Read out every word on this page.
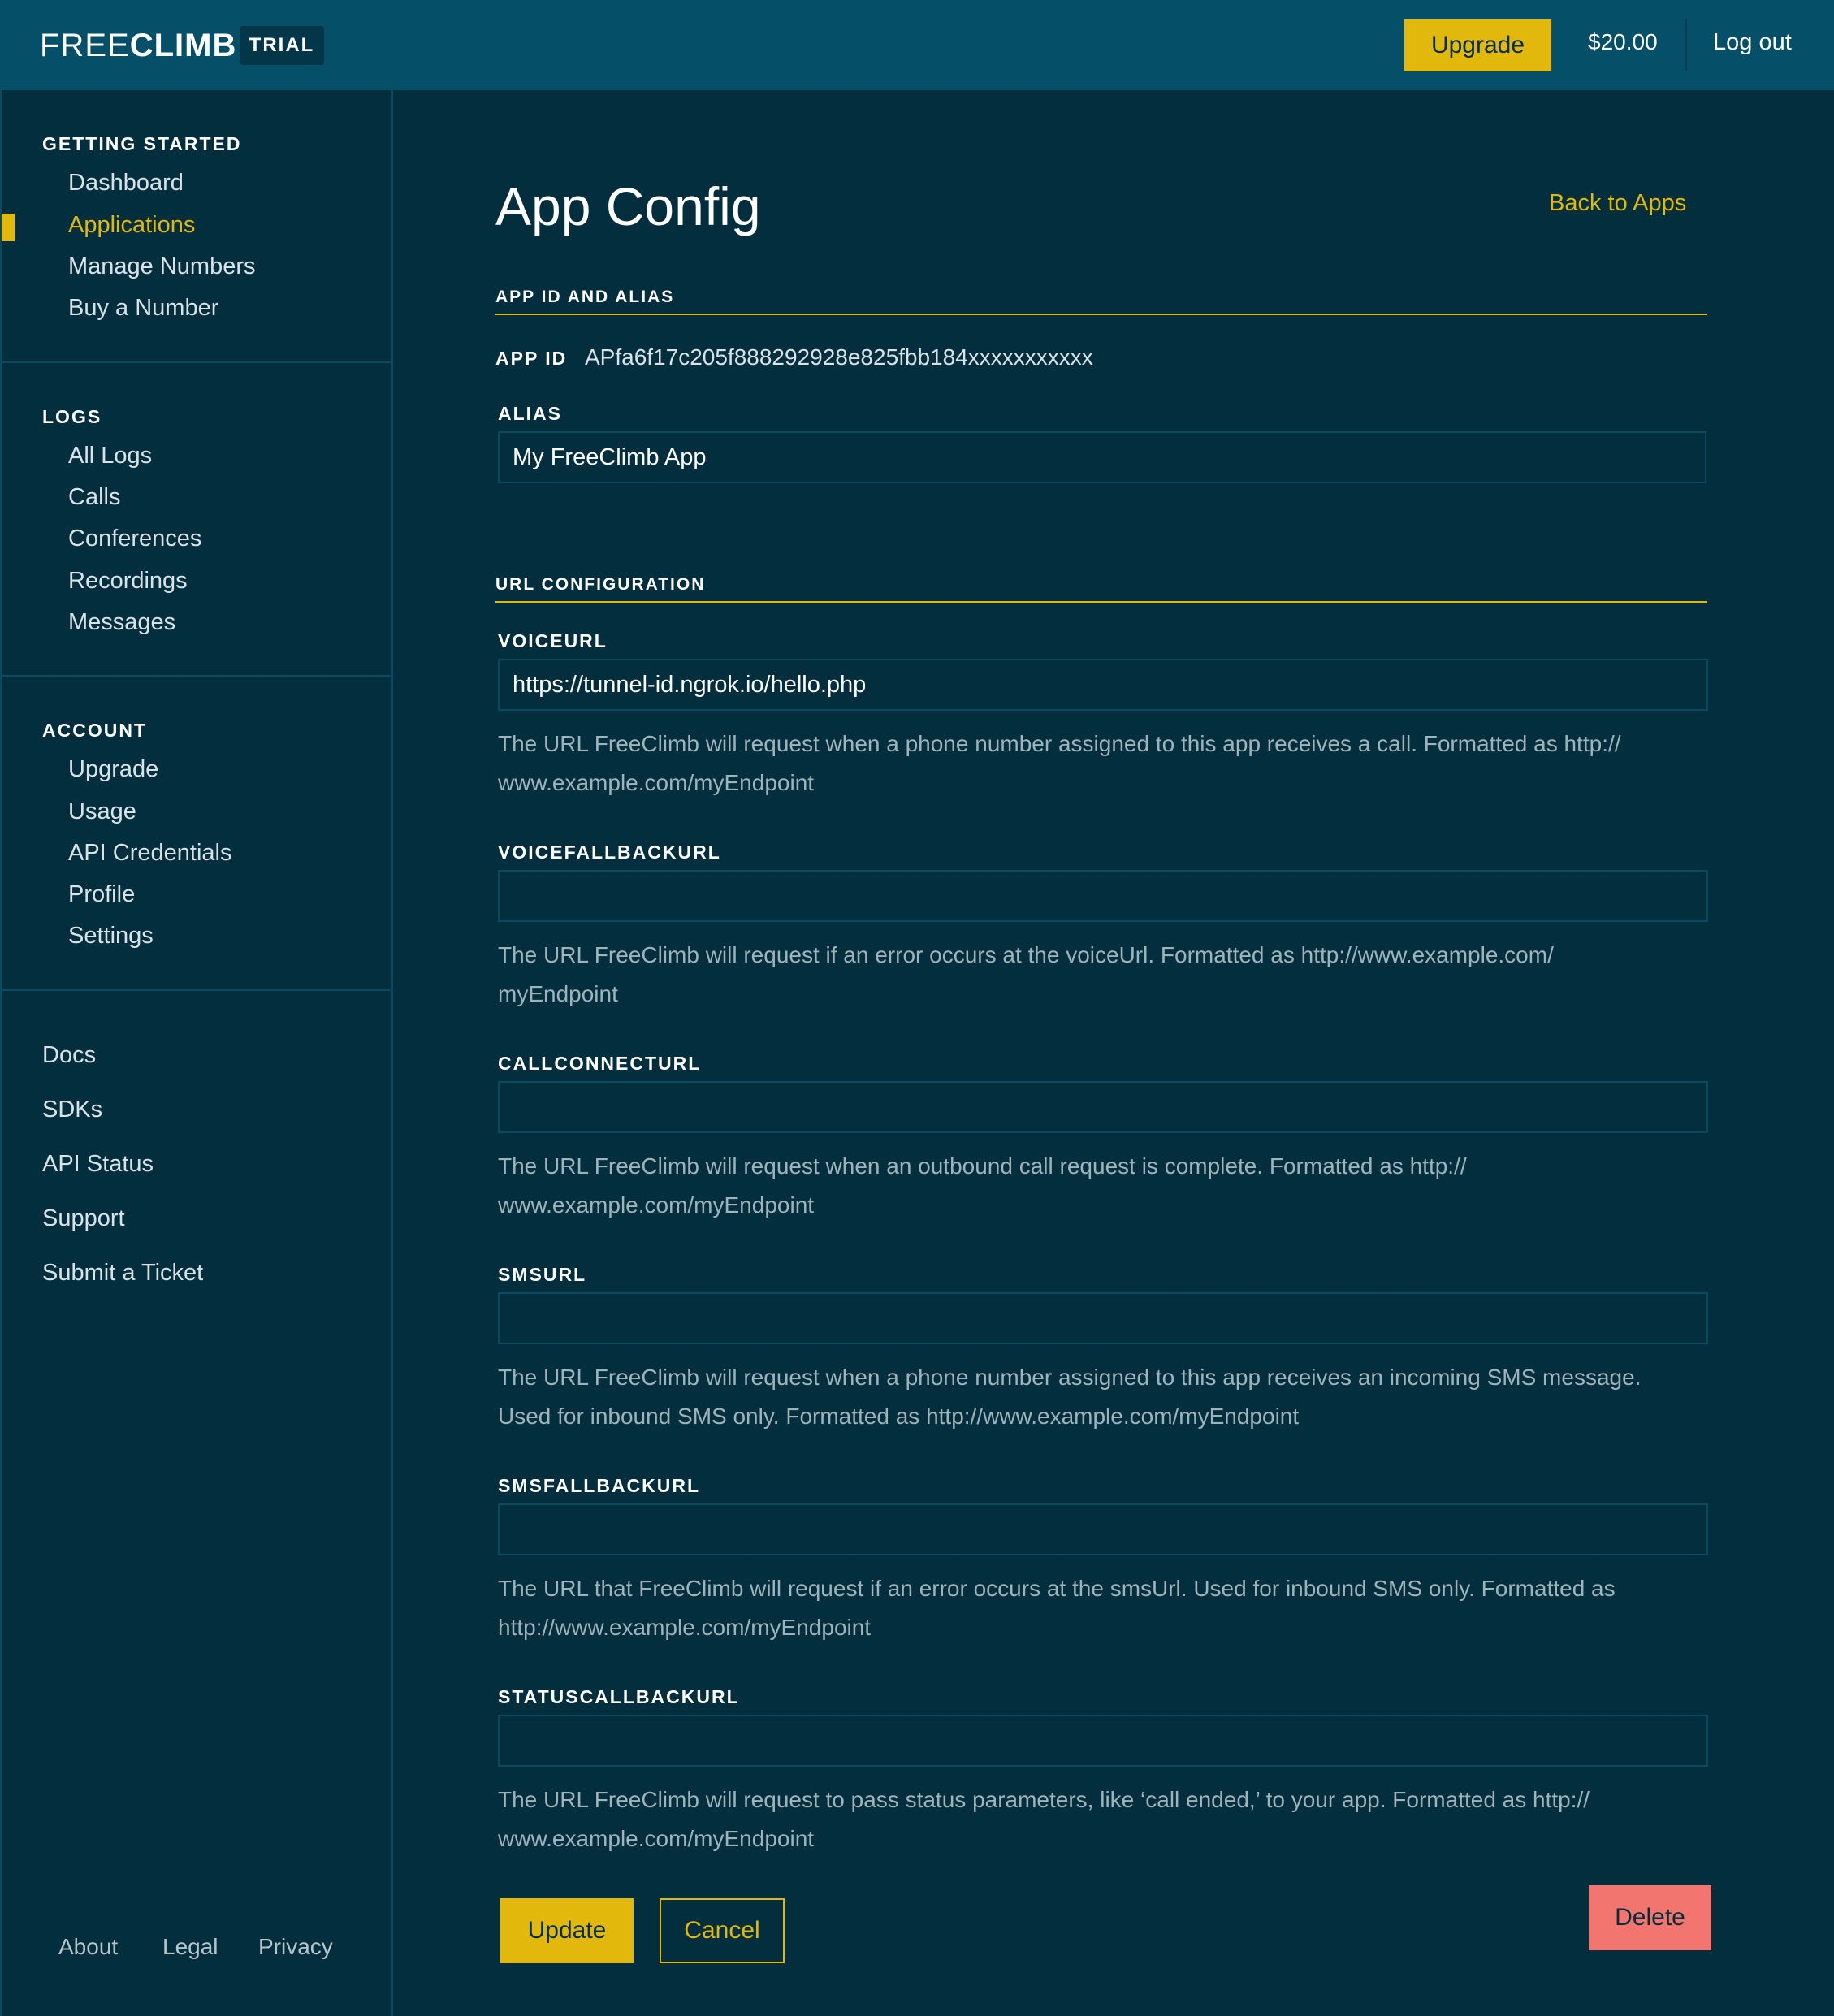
FREE CLIMB TRIAL	Upgrade	$20.00 Log out
GETTING STARTED
Dashboard
Applications
Manage Numbers
Buy a Number
LOGS
All Logs
Calls
Conferences
Recordings
Messages
ACCOUNT
Upgrade
Usage
API Credentials
Profile
Settings
Docs
SDKs
API Status
Support
Submit a Ticket
About Legal Privacy
App Config	Back to Apps
APP ID AND ALIAS
APP ID APfa6f17c205f888292928e825fbb184xxxxxxxxxxx
ALIAS
My FreeClimb App
URL CONFIGURATION
VOICEURL
https://tunnel-id.ngrok.io/hello.php
The URL FreeClimb will request when a phone number assigned to this app receives a call. Formatted as http://
www.example.com/myEndpoint
VOICEFALLBACKURL
The URL FreeClimb will request if an error occurs at the voiceUrl. Formatted as http://www.example.com/
myEndpoint
CALLCONNECTURL
The URL FreeClimb will request when an outbound call request is complete. Formatted as http://
www.example.com/myEndpoint
SMSURL
The URL FreeClimb will request when a phone number assigned to this app receives an incoming SMS message.
Used for inbound SMS only. Formatted as http://www.example.com/myEndpoint
SMSFALLBACKURL
The URL that FreeClimb will request if an error occurs at the smsUrl. Used for inbound SMS only. Formatted as
http://www.example.com/myEndpoint
STATUSCALLBACKURL
The URL FreeClimb will request to pass status parameters, like ‘call ended,’ to your app. Formatted as http://
www.example.com/myEndpoint
Update	Cancel	Delete
